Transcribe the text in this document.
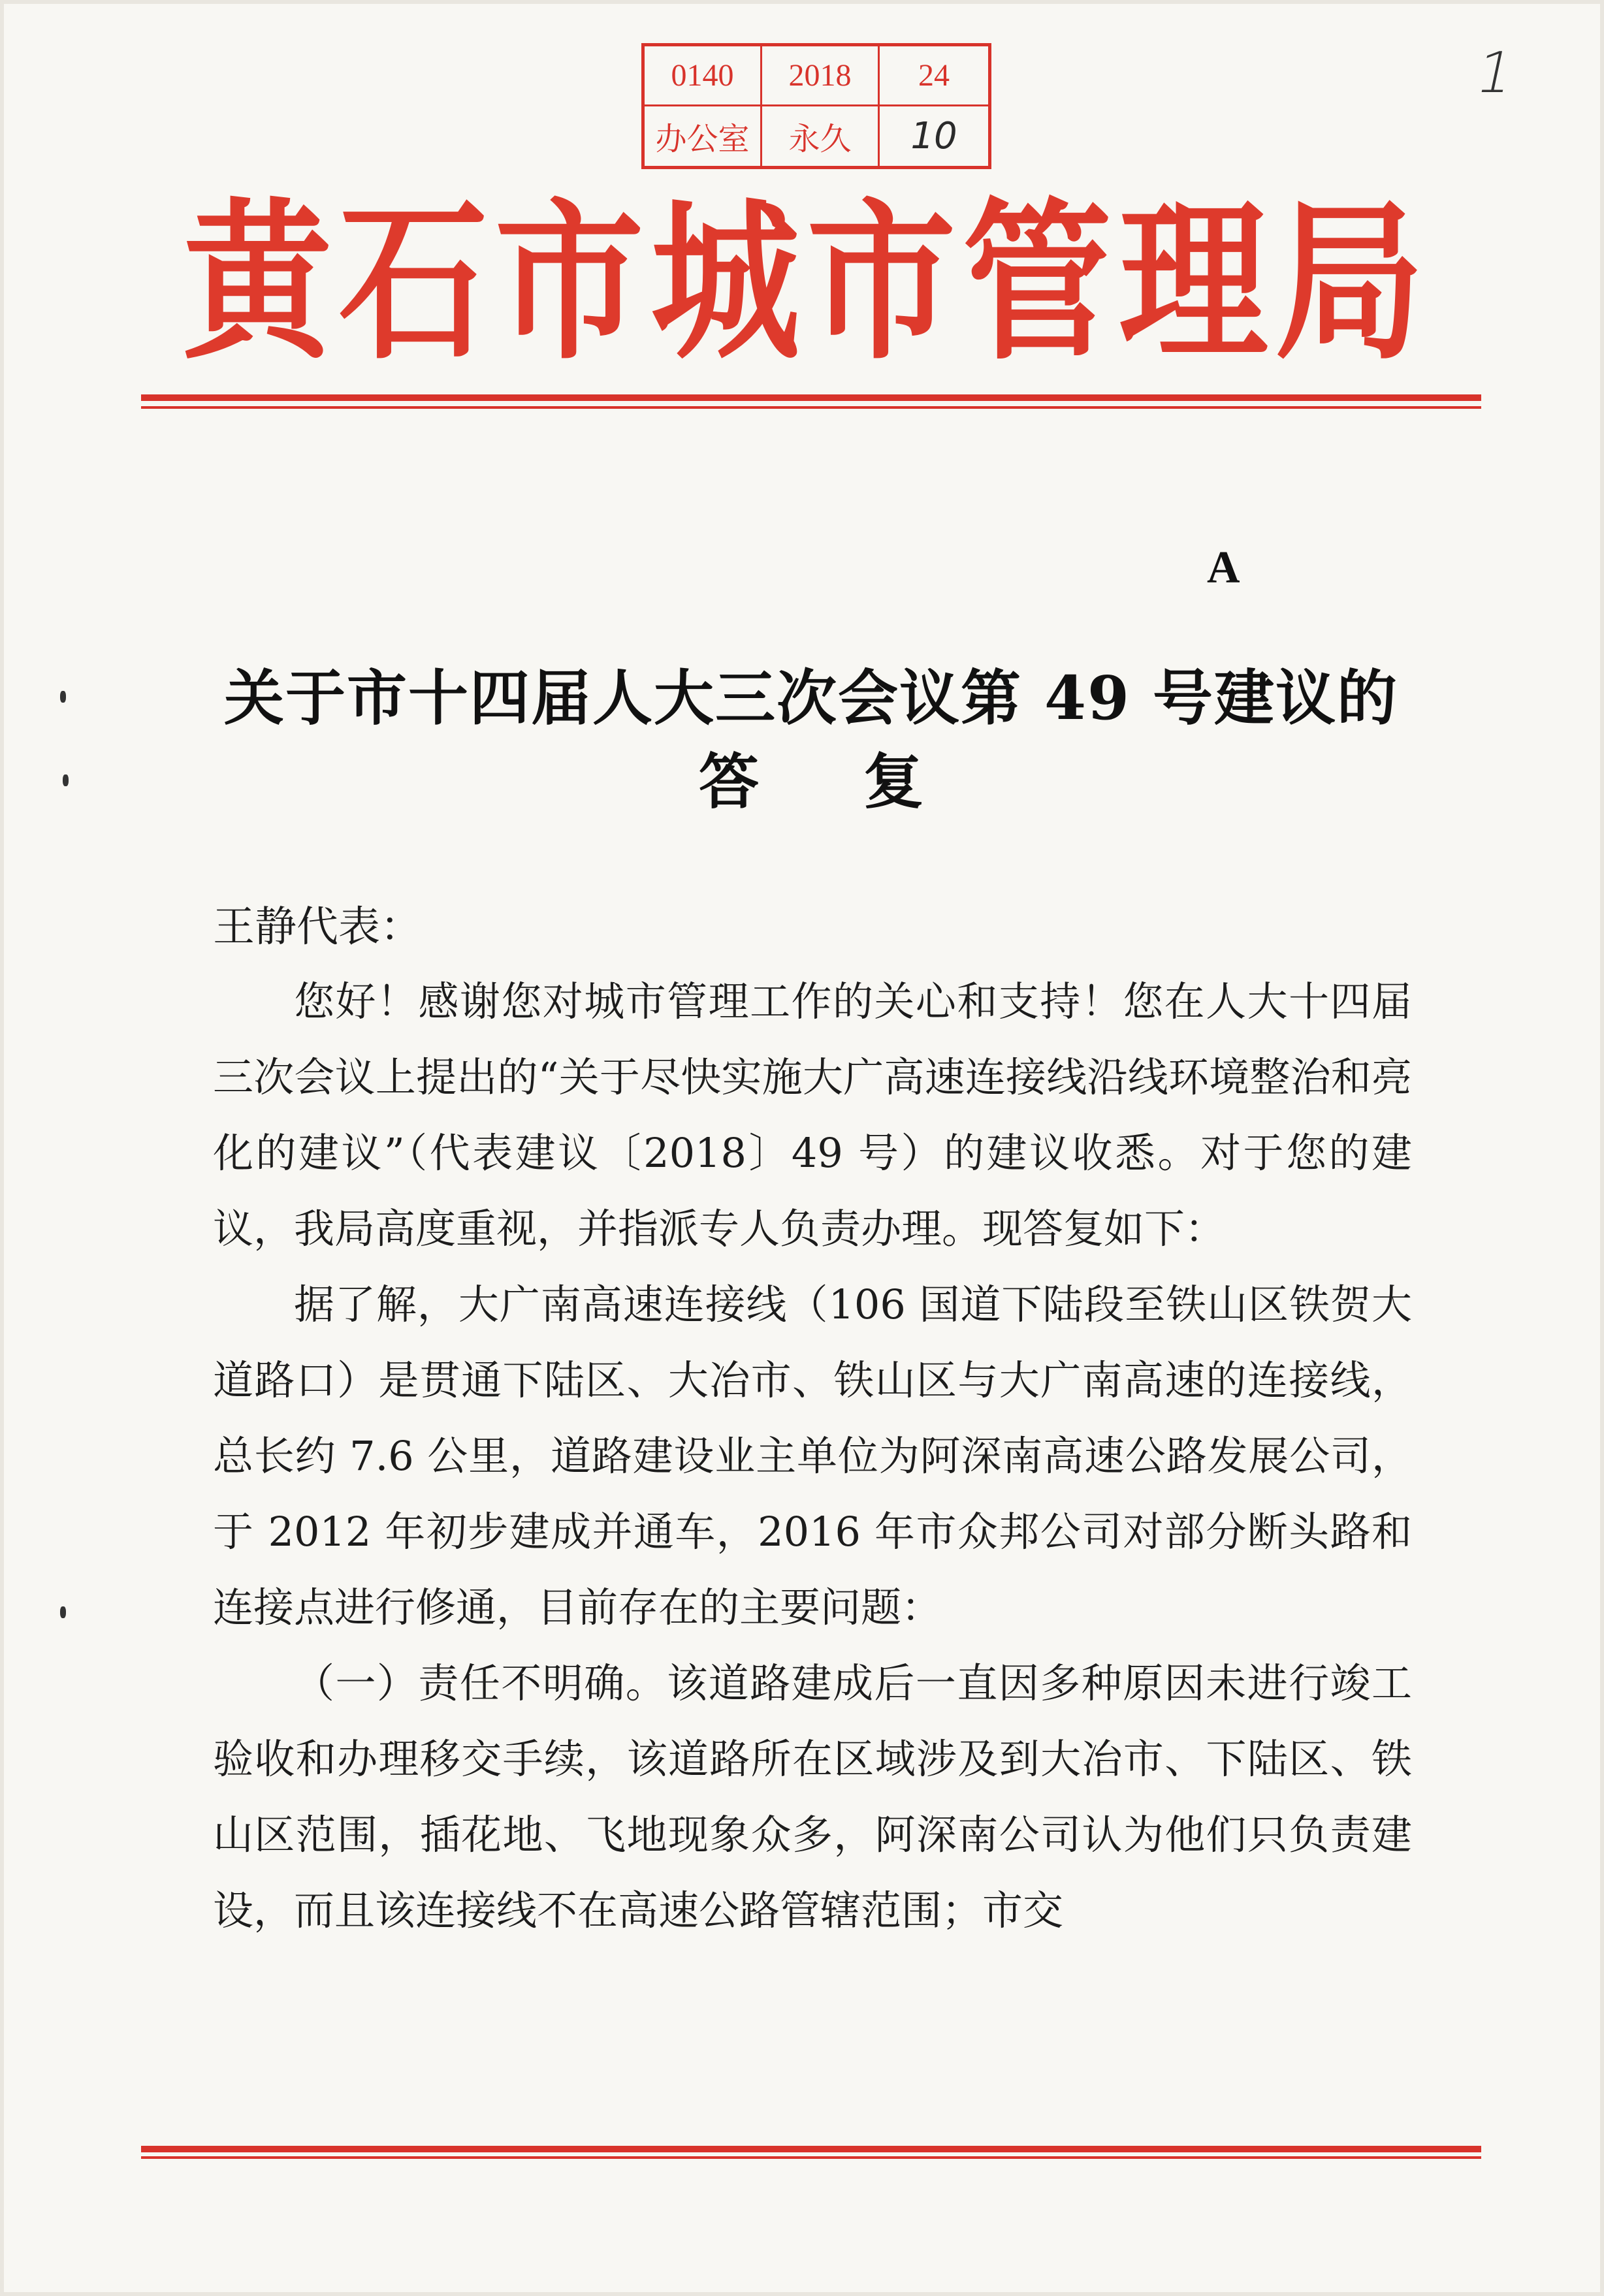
0140	2018	24
办公室	永久	10
1
黄石市城市管理局
A
关于市十四届人大三次会议第 49 号建议的
答复
王静代表：

您好！感谢您对城市管理工作的关心和支持！您在人大十四届三次会议上提出的“关于尽快实施大广高速连接线沿线环境整治和亮化的建议”（代表建议〔2018〕49 号）的建议收悉。对于您的建议，我局高度重视，并指派专人负责办理。现答复如下：

据了解，大广南高速连接线（106 国道下陆段至铁山区铁贺大道路口）是贯通下陆区、大冶市、铁山区与大广南高速的连接线，总长约 7.6 公里，道路建设业主单位为阿深南高速公路发展公司，于 2012 年初步建成并通车，2016 年市众邦公司对部分断头路和连接点进行修通，目前存在的主要问题：

（一）责任不明确。该道路建成后一直因多种原因未进行竣工验收和办理移交手续，该道路所在区域涉及到大冶市、下陆区、铁山区范围，插花地、飞地现象众多，阿深南公司认为他们只负责建设，而且该连接线不在高速公路管辖范围；市交
